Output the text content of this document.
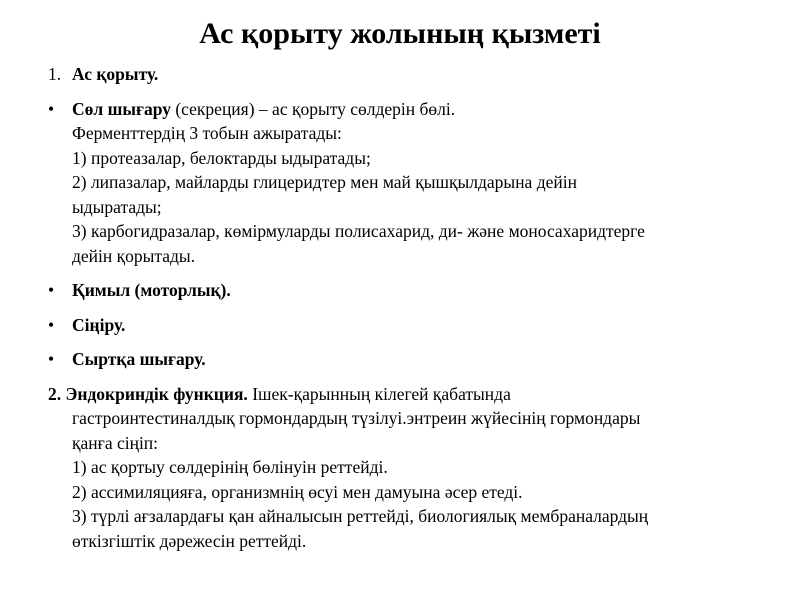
Ас қорыту жолының қызметі
1. Ас қорыту.
• Сөл шығару (секреция) – ас қорыту сөлдерін бөлі.
Ферменттердің 3 тобын ажыратады:
1) протеазалар, белоктарды ыдыратады;
2) липазалар, майларды глицеридтер мен май қышқылдарына дейін
ыдыратады;
3) карбогидразалар, көмірмуларды полисахарид, ди- және моносахаридтерге
дейін қорытады.
• Қимыл (моторлық).
• Сіңіру.
• Сыртқа шығару.
2. Эндокриндік функция. Ішек-қарынның кілегей қабатында
гастроинтестиналдық гормондардың түзілуі.энтреин жүйесінің гормондары
қанға сіңіп:
1) ас қортыу сөлдерінің бөлінуін реттейді.
2) ассимиляцияға, организмнің өсуі мен дамуына әсер етеді.
3) түрлі ағзалардағы қан айналысын реттейді, биологиялық мембраналардың
өткізгіштік дәрежесін реттейді.
